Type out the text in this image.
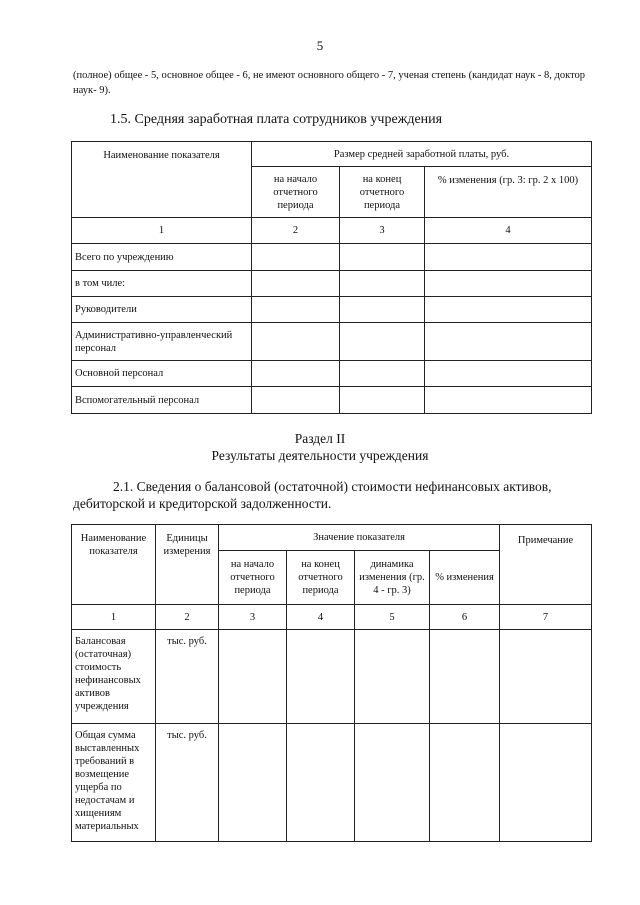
5
(полное) общее - 5, основное общее - 6, не имеют основного общего - 7, ученая степень (кандидат наук - 8, доктор наук- 9).
1.5. Средняя заработная плата сотрудников учреждения
Наименование показателя	Размер средней заработной платы, руб.		
	на начало отчетного периода	на конец отчетного периода	% изменения (гр. 3: гр. 2 х 100)
1	2	3	4
Всего по учреждению			
в том чиле:			
Руководители			
Административно-управленческий персонал			
Основной персонал			
Вспомогательный персонал			
Раздел II
Результаты деятельности учреждения
2.1. Сведения о балансовой (остаточной) стоимости нефинансовых активов, дебиторской и кредиторской задолженности.
Наименование показателя	Единицы измерения	Значение показателя				Примечание
		на начало отчетного периода	на конец отчетного периода	динамика изменения (гр. 4 - гр. 3)	% изменения	
1	2	3	4	5	6	7
Балансовая (остаточная) стоимость нефинансовых активов учреждения	тыс. руб.					
Общая сумма выставленных требований в возмещение ущерба по недостачам и хищениям материальных	тыс. руб.					
